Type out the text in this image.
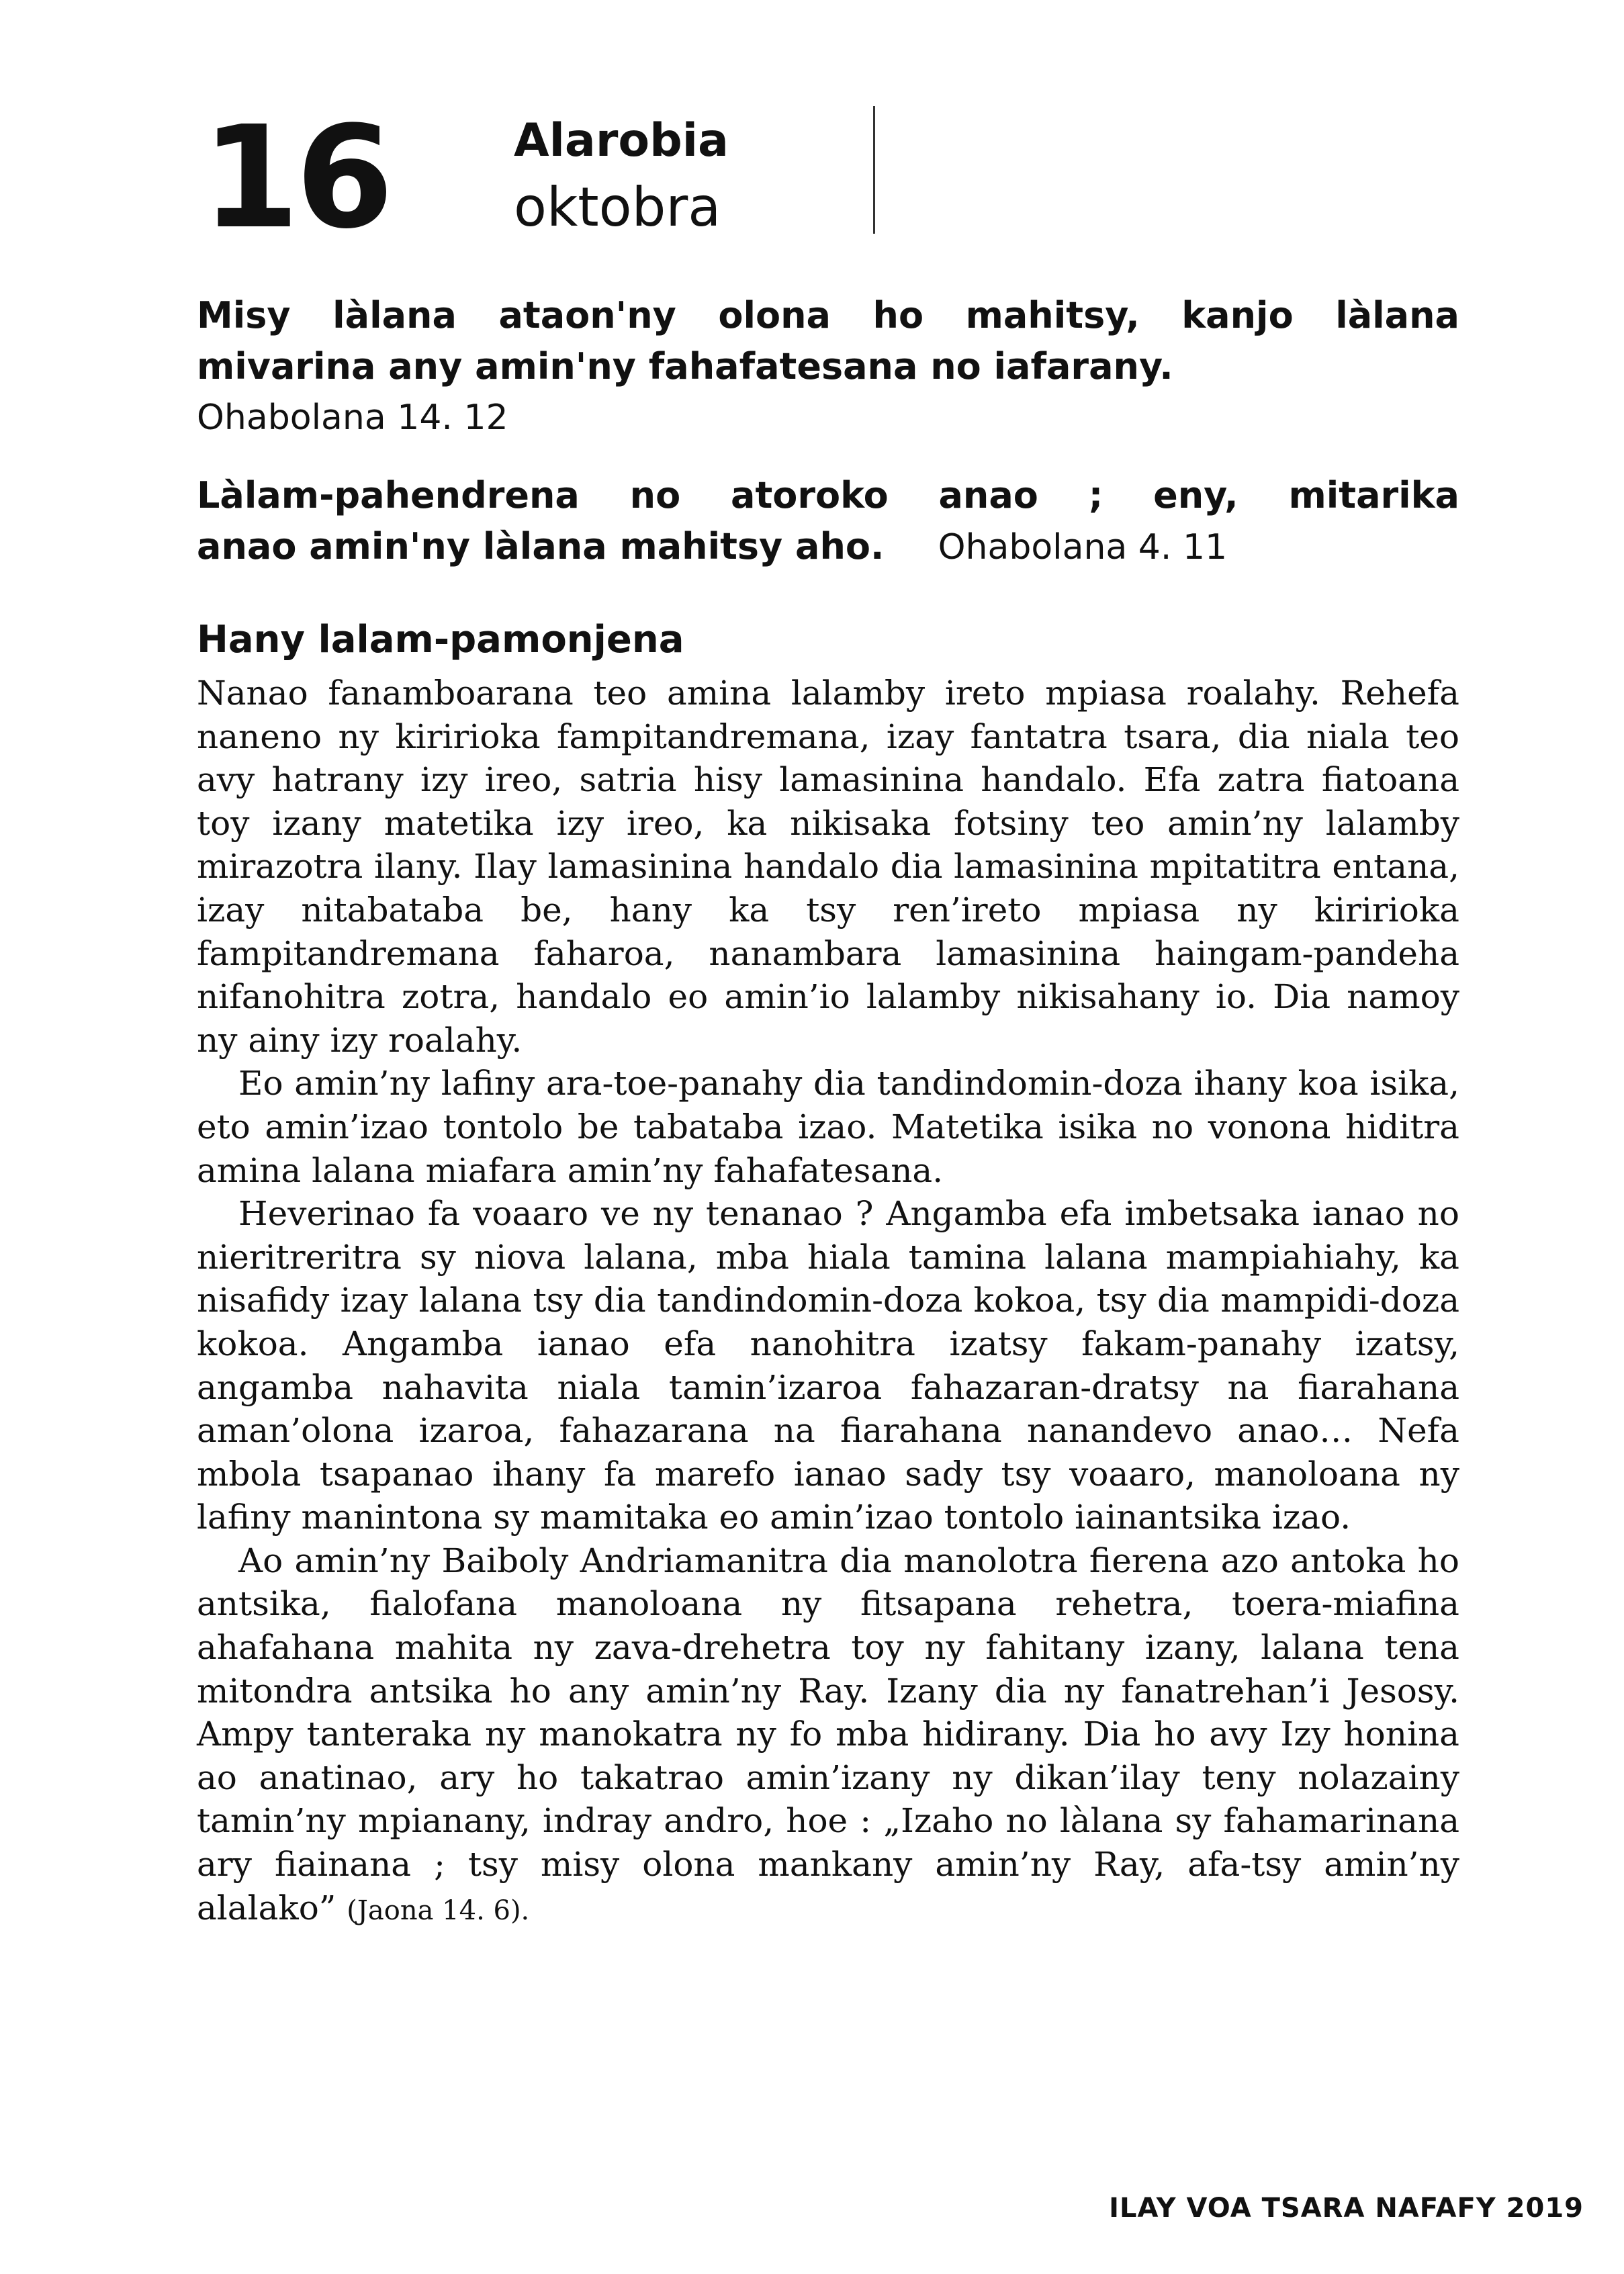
16	Alarobia
oktobra
Misy làlana ataon'ny olona ho mahitsy, kanjo làlana
mivarina any amin'ny fahafatesana no iafarany.
Ohabolana 14. 12
Làlam-pahendrena no atoroko anao ; eny, mitarika
anao amin'ny làlana mahitsy aho. Ohabolana 4. 11
Hany lalam-pamonjena

Nanao fanamboarana teo amina lalamby ireto mpiasa roalahy. Rehefa naneno ny kiririoka fampitandremana, izay fantatra tsara, dia niala teo avy hatrany izy ireo, satria hisy lamasinina handalo. Efa zatra fiatoana toy izany matetika izy ireo, ka nikisaka fotsiny teo amin’ny lalamby mirazotra ilany. Ilay lamasinina handalo dia lamasinina mpitatitra entana, izay nitabataba be, hany ka tsy ren’ireto mpiasa ny kiririoka fampitandremana faharoa, nanambara lamasinina haingam-pandeha nifanohitra zotra, handalo eo amin’io lalamby nikisahany io. Dia namoy ny ainy izy roalahy.

Eo amin’ny lafiny ara-toe-panahy dia tandindomin-doza ihany koa isika, eto amin’izao tontolo be tabataba izao. Matetika isika no vonona hiditra amina lalana miafara amin’ny fahafatesana.

Heverinao fa voaaro ve ny tenanao ? Angamba efa imbetsaka ianao no nieritreritra sy niova lalana, mba hiala tamina lalana mampiahiahy, ka nisafidy izay lalana tsy dia tandindomin-doza kokoa, tsy dia mampidi-doza kokoa. Angamba ianao efa nanohitra izatsy fakam-panahy izatsy, angamba nahavita niala tamin’izaroa fahazaran-dratsy na fiarahana aman’olona izaroa, fahazarana na fiarahana nanandevo anao… Nefa mbola tsapanao ihany fa marefo ianao sady tsy voaaro, manoloana ny lafiny manintona sy mamitaka eo amin’izao tontolo iainantsika izao.

Ao amin’ny Baiboly Andriamanitra dia manolotra fierena azo antoka ho antsika, fialofana manoloana ny fitsapana rehetra, toera-miafina ahafahana mahita ny zava-drehetra toy ny fahitany izany, lalana tena mitondra antsika ho any amin’ny Ray. Izany dia ny fanatrehan’i Jesosy. Ampy tanteraka ny manokatra ny fo mba hidirany. Dia ho avy Izy honina ao anatinao, ary ho takatrao amin’izany ny dikan’ilay teny nolazainy tamin’ny mpianany, indray andro, hoe : „Izaho no làlana sy fahamarinana ary fiainana ; tsy misy olona mankany amin’ny Ray, afa-tsy amin’ny alalako” (Jaona 14. 6).

ILAY VOA TSARA NAFAFY 2019
